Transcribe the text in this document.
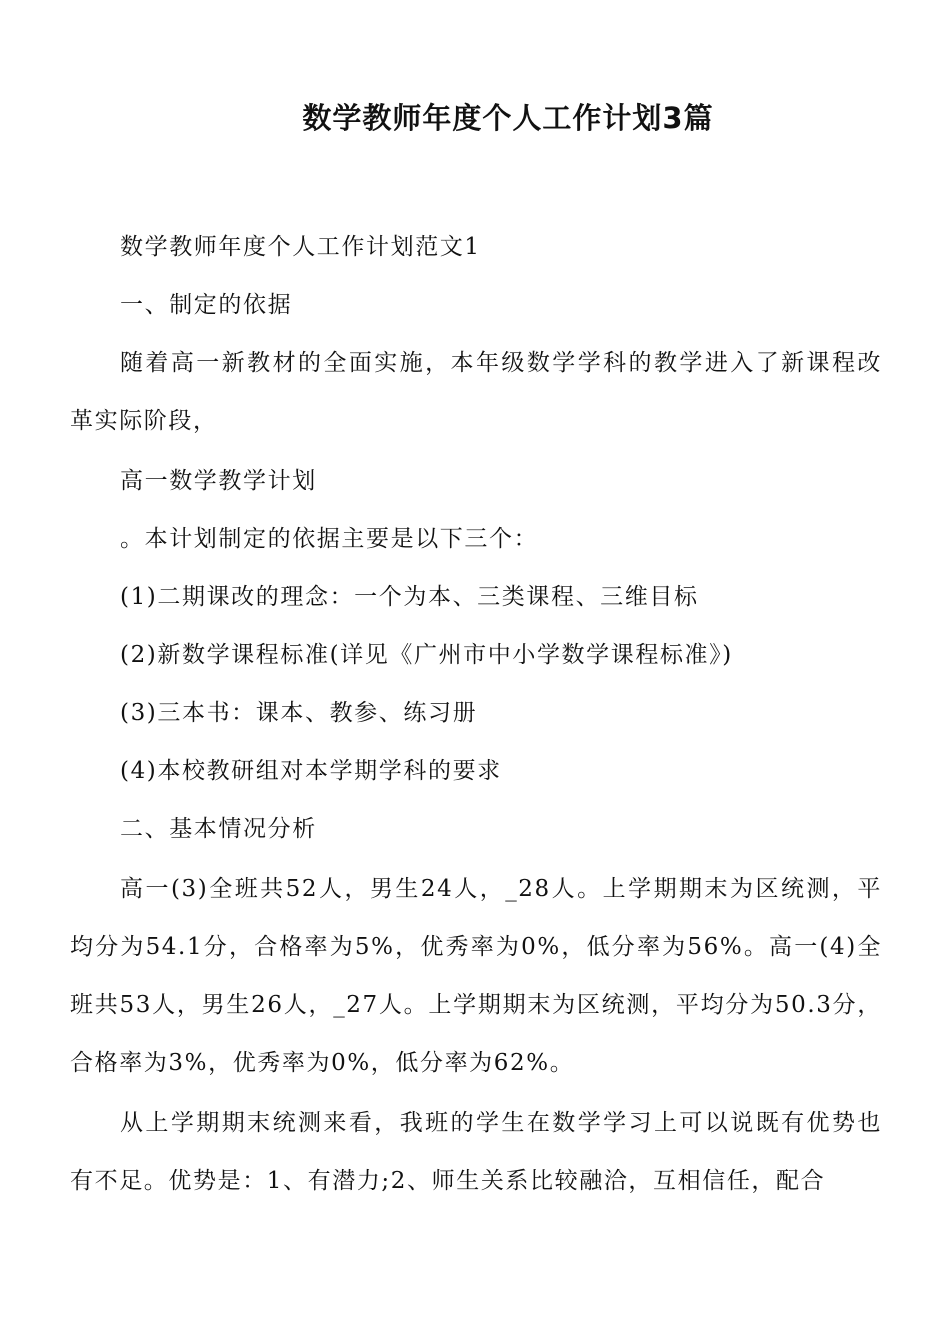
数学教师年度个人工作计划3篇

数学教师年度个人工作计划范文1

一、制定的依据

随着高一新教材的全面实施，本年级数学学科的教学进入了新课程改革实际阶段，

高一数学教学计划

。本计划制定的依据主要是以下三个：

(1)二期课改的理念：一个为本、三类课程、三维目标

(2)新数学课程标准(详见《广州市中小学数学课程标准》)

(3)三本书：课本、教参、练习册

(4)本校教研组对本学期学科的要求

二、基本情况分析

高一(3)全班共52人，男生24人，_28人。上学期期末为区统测，平均分为54.1分，合格率为5%，优秀率为0%，低分率为56%。高一(4)全班共53人，男生26人，_27人。上学期期末为区统测，平均分为50.3分，合格率为3%，优秀率为0%，低分率为62%。

从上学期期末统测来看，我班的学生在数学学习上可以说既有优势也有不足。优势是：1、有潜力;2、师生关系比较融洽，互相信任，配合
